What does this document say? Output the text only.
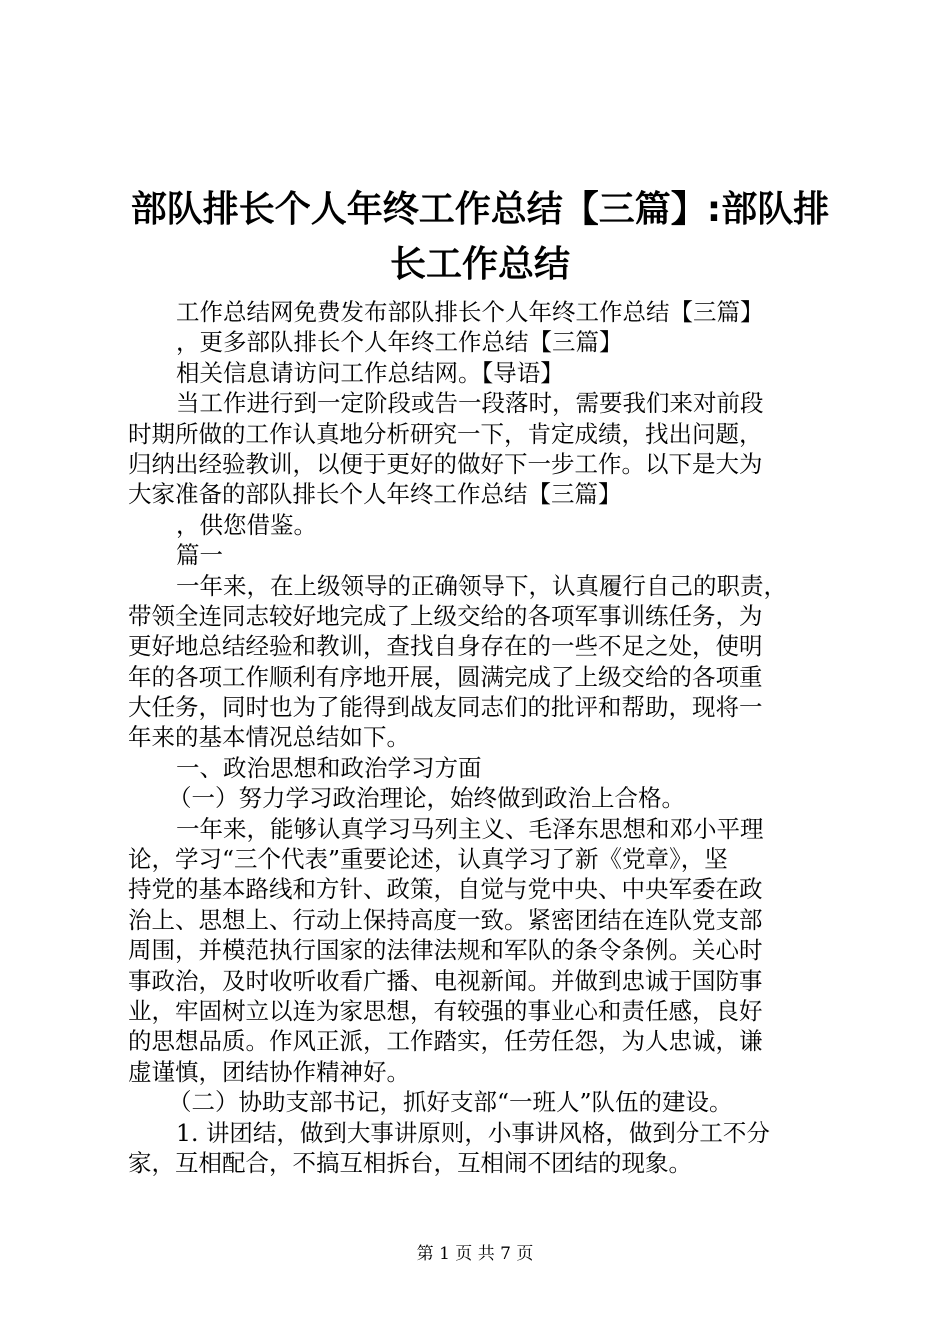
部队排长个人年终工作总结【三篇】:部队排
长工作总结
工作总结网免费发布部队排长个人年终工作总结【三篇】
，更多部队排长个人年终工作总结【三篇】
相关信息请访问工作总结网。【导语】
当工作进行到一定阶段或告一段落时，需要我们来对前段
时期所做的工作认真地分析研究一下，肯定成绩，找出问题，
归纳出经验教训，以便于更好的做好下一步工作。以下是大为
大家准备的部队排长个人年终工作总结【三篇】
，供您借鉴。
篇一
一年来，在上级领导的正确领导下，认真履行自己的职责，
带领全连同志较好地完成了上级交给的各项军事训练任务，为
更好地总结经验和教训，查找自身存在的一些不足之处，使明
年的各项工作顺利有序地开展，圆满完成了上级交给的各项重
大任务，同时也为了能得到战友同志们的批评和帮助，现将一
年来的基本情况总结如下。
一、政治思想和政治学习方面
（一）努力学习政治理论，始终做到政治上合格。
一年来，能够认真学习马列主义、毛泽东思想和邓小平理
论，学习“三个代表”重要论述，认真学习了新《党章》，坚
持党的基本路线和方针、政策，自觉与党中央、中央军委在政
治上、思想上、行动上保持高度一致。紧密团结在连队党支部
周围，并模范执行国家的法律法规和军队的条令条例。关心时
事政治，及时收听收看广播、电视新闻。并做到忠诚于国防事
业，牢固树立以连为家思想，有较强的事业心和责任感，良好
的思想品质。作风正派，工作踏实，任劳任怨，为人忠诚，谦
虚谨慎，团结协作精神好。
（二）协助支部书记，抓好支部“一班人”队伍的建设。
1. 讲团结，做到大事讲原则，小事讲风格，做到分工不分
家，互相配合，不搞互相拆台，互相闹不团结的现象。
第 1 页 共 7 页
